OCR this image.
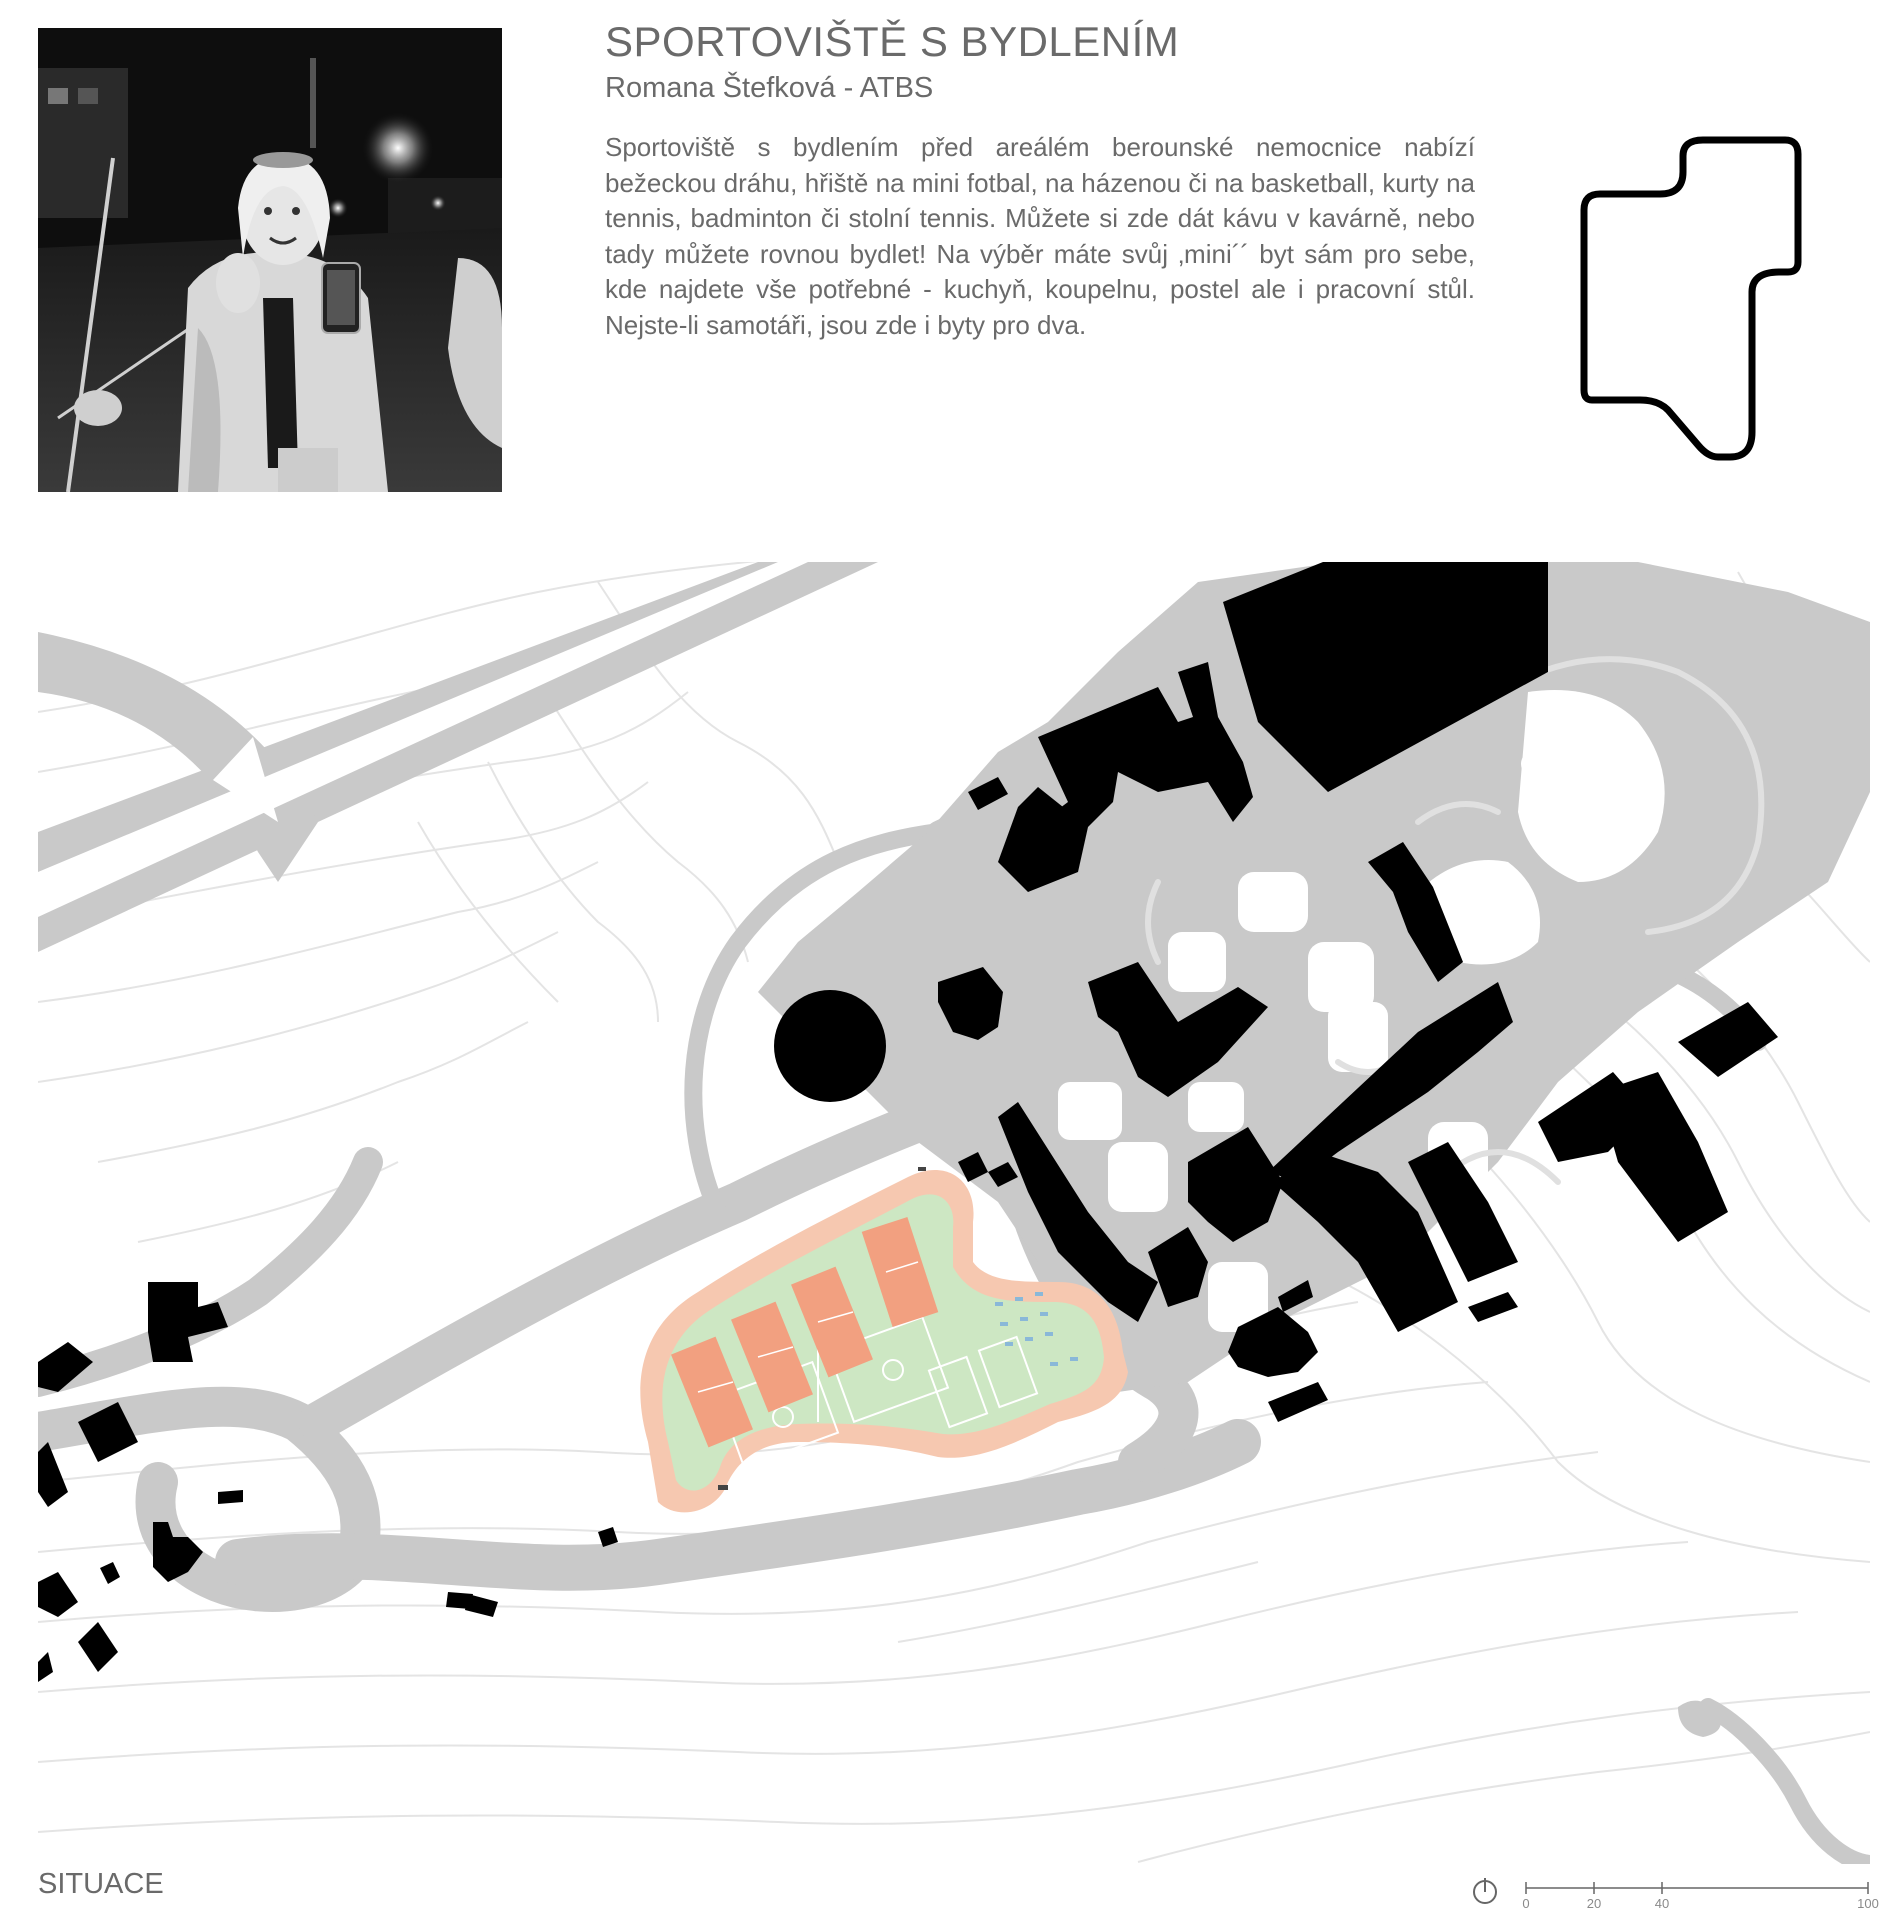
SPORTOVIŠTĚ S BYDLENÍM
Romana Štefková - ATBS

Sportoviště s bydlením před areálém berounské nemocnice nabízí bežeckou dráhu, hřiště na mini fotbal, na házenou či na basketball, kurty na tennis, badminton či stolní tennis. Můžete si zde dát kávu v kavárně, nebo tady můžete rovnou bydlet! Na výběr máte svůj ‚mini´´ byt sám pro sebe, kde najdete vše potřebné - kuchyň, koupelnu, postel ale i pracovní stůl. Nejste-li samotáři, jsou zde i byty pro dva.

SITUACE
0	20	40	100
